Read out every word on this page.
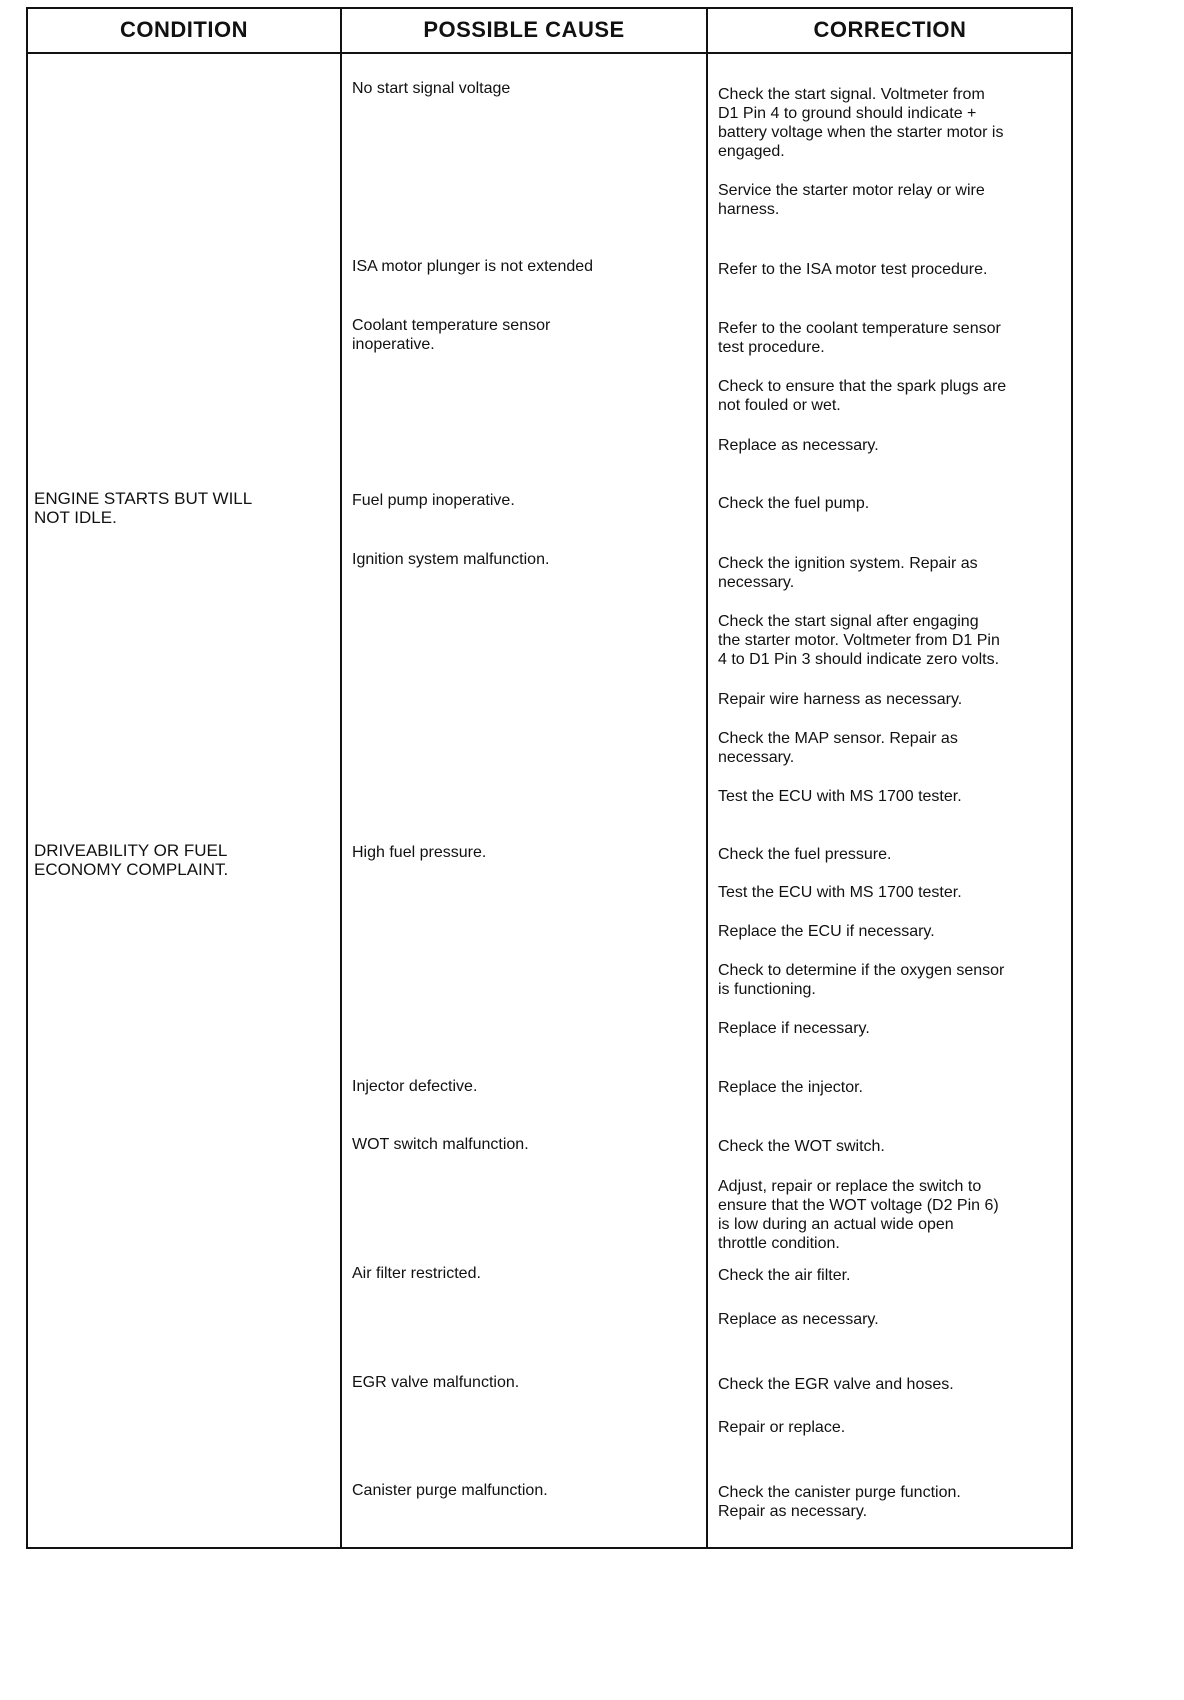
CONDITION	POSSIBLE CAUSE	CORRECTION
ENGINE STARTS BUT WILL
NOT IDLE.
DRIVEABILITY OR FUEL
ECONOMY COMPLAINT.
No start signal voltage
ISA motor plunger is not extended
Coolant temperature sensor
inoperative.
Fuel pump inoperative.
Ignition system malfunction.
High fuel pressure.
Injector defective.
WOT switch malfunction.
Air filter restricted.
EGR valve malfunction.
Canister purge malfunction.
Check the start signal. Voltmeter from
D1 Pin 4 to ground should indicate +
battery voltage when the starter motor is
engaged.
Service the starter motor relay or wire
harness.
Refer to the ISA motor test procedure.
Refer to the coolant temperature sensor
test procedure.
Check to ensure that the spark plugs are
not fouled or wet.
Replace as necessary.
Check the fuel pump.
Check the ignition system. Repair as
necessary.
Check the start signal after engaging
the starter motor. Voltmeter from D1 Pin
4 to D1 Pin 3 should indicate zero volts.
Repair wire harness as necessary.
Check the MAP sensor. Repair as
necessary.
Test the ECU with MS 1700 tester.
Check the fuel pressure.
Test the ECU with MS 1700 tester.
Replace the ECU if necessary.
Check to determine if the oxygen sensor
is functioning.
Replace if necessary.
Replace the injector.
Check the WOT switch.
Adjust, repair or replace the switch to
ensure that the WOT voltage (D2 Pin 6)
is low during an actual wide open
throttle condition.
Check the air filter.
Replace as necessary.
Check the EGR valve and hoses.
Repair or replace.
Check the canister purge function.
Repair as necessary.
